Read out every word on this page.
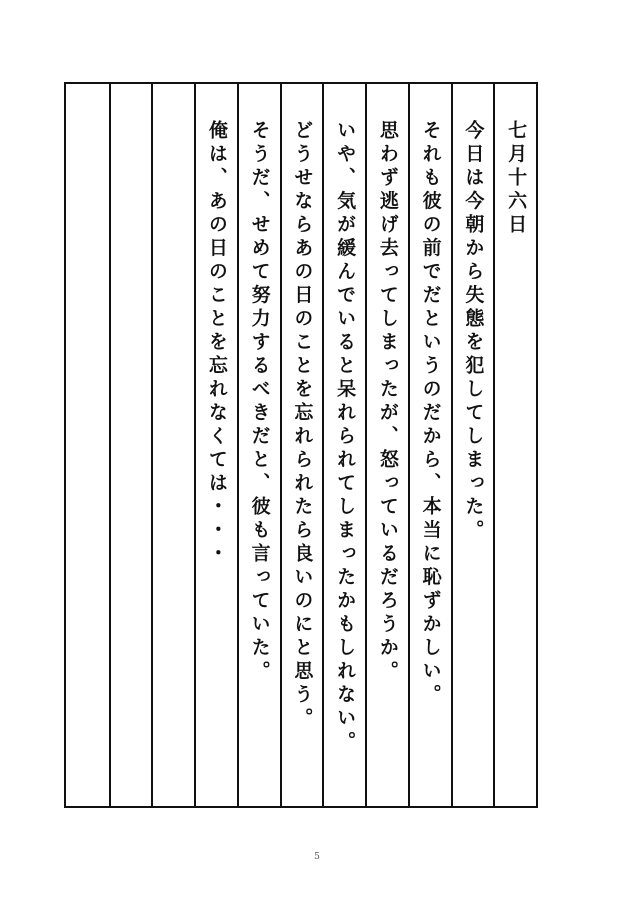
俺は、あの日のことを忘れなくては・・・ そうだ、せめて努力するべきだと、彼も言っていた。 どうせならあの日のことを忘れられたら良いのにと思う。 いや、気が緩んでいると呆れられてしまったかもしれない。 思わず逃げ去ってしまったが、怒っているだろうか。 それも彼の前でだというのだから、本当に恥ずかしい。 今日は今朝から失態を犯してしまった。 七月十六日
5
